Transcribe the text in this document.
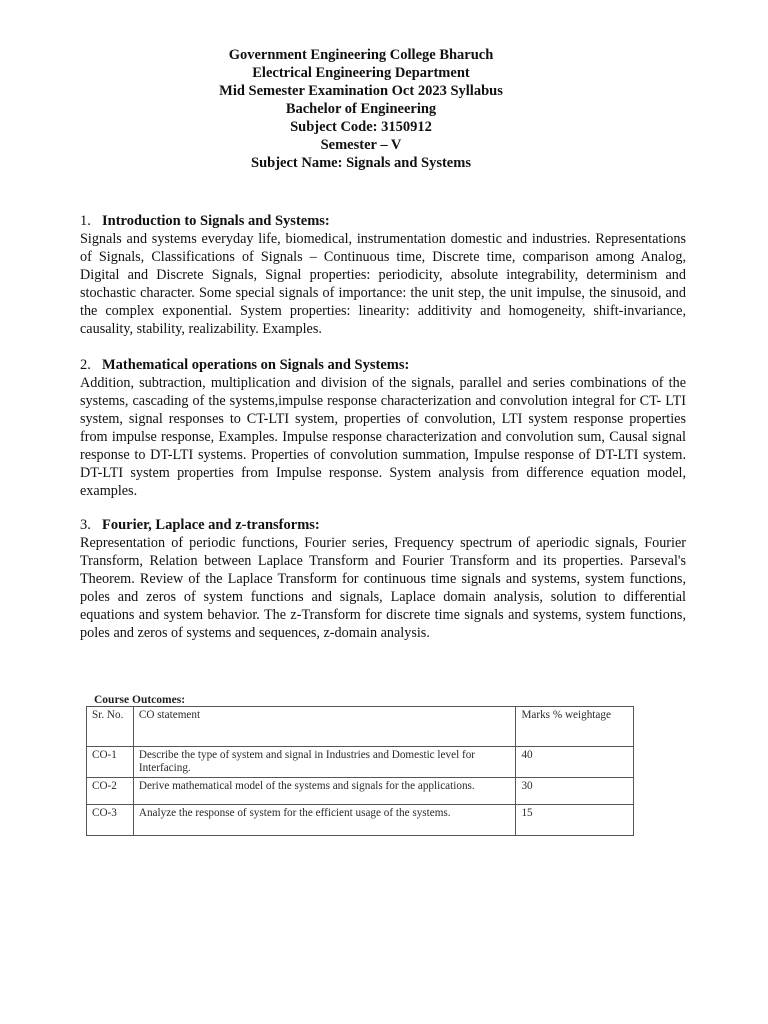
Government Engineering College Bharuch
Electrical Engineering Department
Mid Semester Examination Oct 2023 Syllabus
Bachelor of Engineering
Subject Code: 3150912
Semester – V
Subject Name: Signals and Systems
1. Introduction to Signals and Systems:
Signals and systems everyday life, biomedical, instrumentation domestic and industries. Representations of Signals, Classifications of Signals – Continuous time, Discrete time, comparison among Analog, Digital and Discrete Signals, Signal properties: periodicity, absolute integrability, determinism and stochastic character. Some special signals of importance: the unit step, the unit impulse, the sinusoid, and the complex exponential. System properties: linearity: additivity and homogeneity, shift-invariance, causality, stability, realizability. Examples.
2. Mathematical operations on Signals and Systems:
Addition, subtraction, multiplication and division of the signals, parallel and series combinations of the systems, cascading of the systems,impulse response characterization and convolution integral for CT- LTI system, signal responses to CT-LTI system, properties of convolution, LTI system response properties from impulse response, Examples. Impulse response characterization and convolution sum, Causal signal response to DT-LTI systems. Properties of convolution summation, Impulse response of DT-LTI system. DT-LTI system properties from Impulse response. System analysis from difference equation model, examples.
3. Fourier, Laplace and z-transforms:
Representation of periodic functions, Fourier series, Frequency spectrum of aperiodic signals, Fourier Transform, Relation between Laplace Transform and Fourier Transform and its properties. Parseval's Theorem. Review of the Laplace Transform for continuous time signals and systems, system functions, poles and zeros of system functions and signals, Laplace domain analysis, solution to differential equations and system behavior. The z-Transform for discrete time signals and systems, system functions, poles and zeros of systems and sequences, z-domain analysis.
Course Outcomes:
Sr. No.	CO statement	Marks % weightage
CO-1	Describe the type of system and signal in Industries and Domestic level for Interfacing.	40
CO-2	Derive mathematical model of the systems and signals for the applications.	30
CO-3	Analyze the response of system for the efficient usage of the systems.	15
